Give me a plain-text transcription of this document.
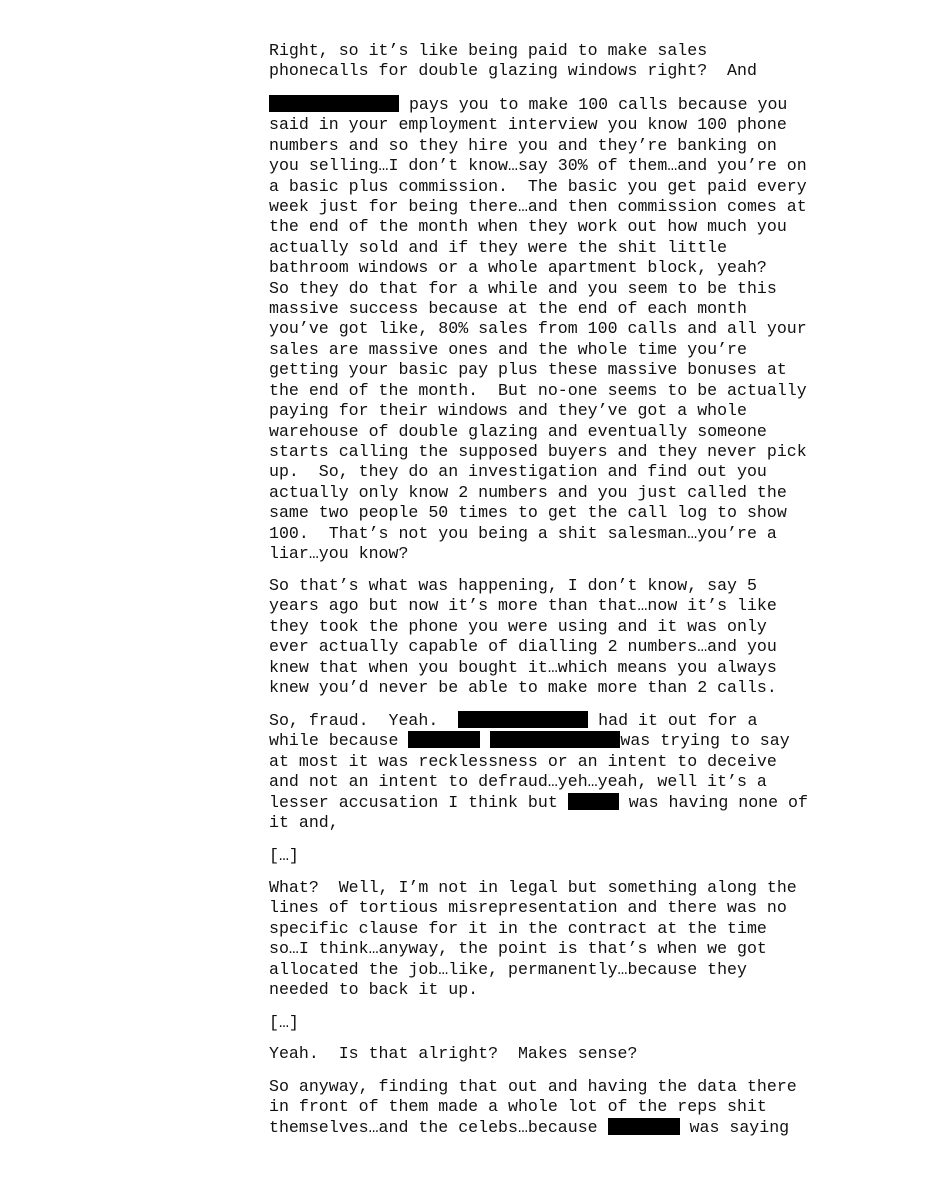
Right, so it’s like being paid to make sales
phonecalls for double glazing windows right?  And
pays you to make 100 calls because you
said in your employment interview you know 100 phone
numbers and so they hire you and they’re banking on
you selling…I don’t know…say 30% of them…and you’re on
a basic plus commission.  The basic you get paid every
week just for being there…and then commission comes at
the end of the month when they work out how much you
actually sold and if they were the shit little
bathroom windows or a whole apartment block, yeah?
So they do that for a while and you seem to be this
massive success because at the end of each month
you’ve got like, 80% sales from 100 calls and all your
sales are massive ones and the whole time you’re
getting your basic pay plus these massive bonuses at
the end of the month.  But no-one seems to be actually
paying for their windows and they’ve got a whole
warehouse of double glazing and eventually someone
starts calling the supposed buyers and they never pick
up.  So, they do an investigation and find out you
actually only know 2 numbers and you just called the
same two people 50 times to get the call log to show
100.  That’s not you being a shit salesman…you’re a
liar…you know?
So that’s what was happening, I don’t know, say 5
years ago but now it’s more than that…now it’s like
they took the phone you were using and it was only
ever actually capable of dialling 2 numbers…and you
knew that when you bought it…which means you always
knew you’d never be able to make more than 2 calls.
So, fraud.  Yeah.	had it out for a
while because	was trying to say
at most it was recklessness or an intent to deceive
and not an intent to defraud…yeh…yeah, well it’s a
lesser accusation I think but	was having none of
it and,
[…]
What?  Well, I’m not in legal but something along the
lines of tortious misrepresentation and there was no
specific clause for it in the contract at the time
so…I think…anyway, the point is that’s when we got
allocated the job…like, permanently…because they
needed to back it up.
[…]
Yeah.  Is that alright?  Makes sense?
So anyway, finding that out and having the data there
in front of them made a whole lot of the reps shit
themselves…and the celebs…because	was saying
